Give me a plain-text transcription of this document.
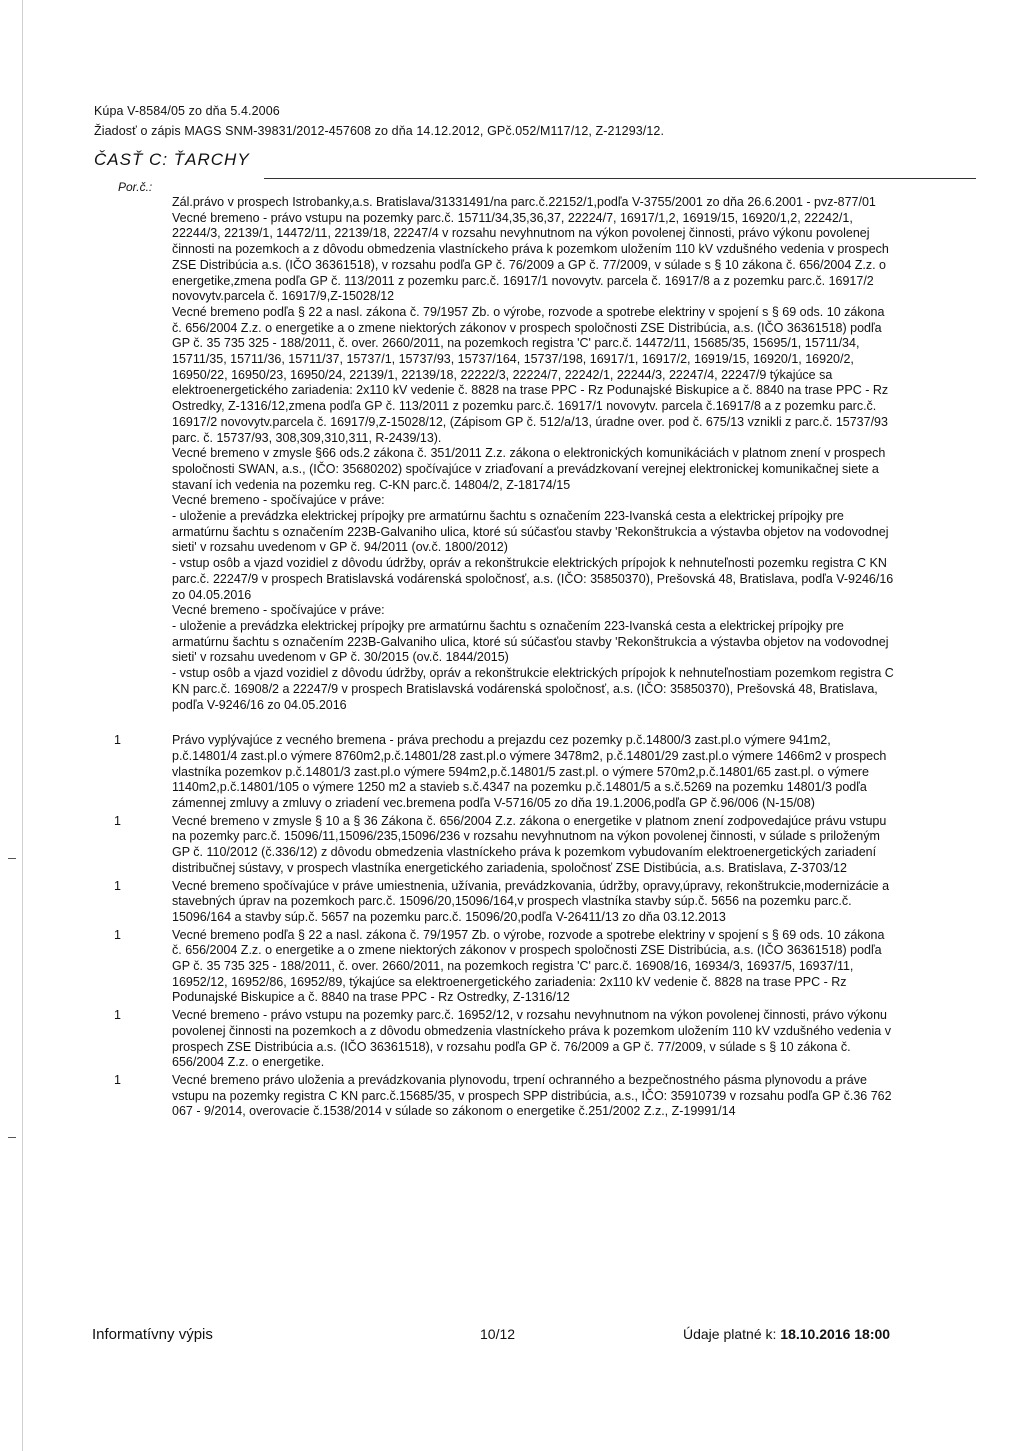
Kúpa V-8584/05 zo dňa 5.4.2006
Žiadosť o zápis MAGS SNM-39831/2012-457608 zo dňa 14.12.2012, GPč.052/M117/12, Z-21293/12.
ČASŤ C: ŤARCHY
Por.č.:

Zál.právo v prospech Istrobanky,a.s. Bratislava/31331491/na parc.č.22152/1,podľa V-3755/2001 zo dňa 26.6.2001 - pvz-877/01

Vecné bremeno - právo vstupu na pozemky parc.č. 15711/34,35,36,37, 22224/7, 16917/1,2, 16919/15, 16920/1,2, 22242/1, 22244/3, 22139/1, 14472/11, 22139/18, 22247/4 v rozsahu nevyhnutnom na výkon povolenej činnosti, právo výkonu povolenej činnosti na pozemkoch a z dôvodu obmedzenia vlastníckeho práva k pozemkom uložením 110 kV vzdušného vedenia v prospech ZSE Distribúcia a.s. (IČO 36361518), v rozsahu podľa GP č. 76/2009 a GP č. 77/2009, v súlade s § 10 zákona č. 656/2004 Z.z. o energetike,zmena podľa GP č. 113/2011 z pozemku parc.č. 16917/1 novovytv. parcela č. 16917/8 a z pozemku parc.č. 16917/2 novovytv.parcela č. 16917/9,Z-15028/12

Vecné bremeno podľa § 22 a nasl. zákona č. 79/1957 Zb. o výrobe, rozvode a spotrebe elektriny v spojení s § 69 ods. 10 zákona č. 656/2004 Z.z. o energetike a o zmene niektorých zákonov v prospech spoločnosti ZSE Distribúcia, a.s. (IČO 36361518) podľa GP č. 35 735 325 - 188/2011, č. over. 2660/2011, na pozemkoch registra 'C' parc.č. 14472/11, 15685/35, 15695/1, 15711/34, 15711/35, 15711/36, 15711/37, 15737/1, 15737/93, 15737/164, 15737/198, 16917/1, 16917/2, 16919/15, 16920/1, 16920/2, 16950/22, 16950/23, 16950/24, 22139/1, 22139/18, 22222/3, 22224/7, 22242/1, 22244/3, 22247/4, 22247/9 týkajúce sa elektroenergetického zariadenia: 2x110 kV vedenie č. 8828 na trase PPC - Rz Podunajské Biskupice a č. 8840 na trase PPC - Rz Ostredky, Z-1316/12,zmena podľa GP č. 113/2011 z pozemku parc.č. 16917/1 novovytv. parcela č.16917/8 a z pozemku parc.č. 16917/2 novovytv.parcela č. 16917/9,Z-15028/12, (Zápisom GP č. 512/a/13, úradne over. pod č. 675/13 vznikli z parc.č. 15737/93 parc. č. 15737/93, 308,309,310,311, R-2439/13).

Vecné bremeno v zmysle §66 ods.2 zákona č. 351/2011 Z.z. zákona o elektronických komunikáciách v platnom znení v prospech spoločnosti SWAN, a.s., (IČO: 35680202) spočívajúce v zriaďovaní a prevádzkovaní verejnej elektronickej komunikačnej siete a stavaní ich vedenia na pozemku reg. C-KN parc.č. 14804/2, Z-18174/15

Vecné bremeno - spočívajúce v práve:
- uloženie a prevádzka elektrickej prípojky pre armatúrnu šachtu s označením 223-Ivanská cesta a elektrickej prípojky pre armatúrnu šachtu s označením 223B-Galvaniho ulica, ktoré sú súčasťou stavby 'Rekonštrukcia a výstavba objetov na vodovodnej sieti' v rozsahu uvedenom v GP č. 94/2011 (ov.č. 1800/2012)
- vstup osôb a vjazd vozidiel z dôvodu údržby, opráv a rekonštrukcie elektrických prípojok k nehnuteľnosti pozemku registra C KN parc.č. 22247/9 v prospech Bratislavská vodárenská spoločnosť, a.s. (IČO: 35850370), Prešovská 48, Bratislava, podľa V-9246/16 zo 04.05.2016

Vecné bremeno - spočívajúce v práve:
- uloženie a prevádzka elektrickej prípojky pre armatúrnu šachtu s označením 223-Ivanská cesta a elektrickej prípojky pre armatúrnu šachtu s označením 223B-Galvaniho ulica, ktoré sú súčasťou stavby 'Rekonštrukcia a výstavba objetov na vodovodnej sieti' v rozsahu uvedenom v GP č. 30/2015 (ov.č. 1844/2015)
- vstup osôb a vjazd vozidiel z dôvodu údržby, opráv a rekonštrukcie elektrických prípojok k nehnuteľnostiam pozemkom registra C KN parc.č. 16908/2 a 22247/9 v prospech Bratislavská vodárenská spoločnosť, a.s. (IČO: 35850370), Prešovská 48, Bratislava, podľa V-9246/16 zo 04.05.2016

1	Právo vyplývajúce z vecného bremena - práva prechodu a prejazdu cez pozemky p.č.14800/3 zast.pl.o výmere 941m2, p.č.14801/4 zast.pl.o výmere 8760m2,p.č.14801/28 zast.pl.o výmere 3478m2, p.č.14801/29 zast.pl.o výmere 1466m2 v prospech vlastníka pozemkov p.č.14801/3 zast.pl.o výmere 594m2,p.č.14801/5 zast.pl. o výmere 570m2,p.č.14801/65 zast.pl. o výmere 1140m2,p.č.14801/105 o výmere 1250 m2 a stavieb s.č.4347 na pozemku p.č.14801/5 a s.č.5269 na pozemku 14801/3 podľa zámennej zmluvy a zmluvy o zriadení vec.bremena podľa V-5716/05 zo dňa 19.1.2006,podľa GP č.96/006 (N-15/08)

1	Vecné bremeno v zmysle § 10 a § 36 Zákona č. 656/2004 Z.z. zákona o energetike v platnom znení zodpovedajúce právu vstupu na pozemky parc.č. 15096/11,15096/235,15096/236 v rozsahu nevyhnutnom na výkon povolenej činnosti, v súlade s priloženým GP č. 110/2012 (č.336/12) z dôvodu obmedzenia vlastníckeho práva k pozemkom vybudovaním elektroenergetických zariadení distribučnej sústavy, v prospech vlastníka energetického zariadenia, spoločnosť ZSE Distibúcia, a.s. Bratislava, Z-3703/12

1	Vecné bremeno spočívajúce v práve umiestnenia, užívania, prevádzkovania, údržby, opravy,úpravy, rekonštrukcie,modernizácie a stavebných úprav na pozemkoch parc.č. 15096/20,15096/164,v prospech vlastníka stavby súp.č. 5656 na pozemku parc.č. 15096/164 a stavby súp.č. 5657 na pozemku parc.č. 15096/20,podľa V-26411/13 zo dňa 03.12.2013

1	Vecné bremeno podľa § 22 a nasl. zákona č. 79/1957 Zb. o výrobe, rozvode a spotrebe elektriny v spojení s § 69 ods. 10 zákona č. 656/2004 Z.z. o energetike a o zmene niektorých zákonov v prospech spoločnosti ZSE Distribúcia, a.s. (IČO 36361518) podľa GP č. 35 735 325 - 188/2011, č. over. 2660/2011, na pozemkoch registra 'C' parc.č. 16908/16, 16934/3, 16937/5, 16937/11, 16952/12, 16952/86, 16952/89, týkajúce sa elektroenergetického zariadenia: 2x110 kV vedenie č. 8828 na trase PPC - Rz Podunajské Biskupice a č. 8840 na trase PPC - Rz Ostredky, Z-1316/12

1	Vecné bremeno - právo vstupu na pozemky parc.č. 16952/12, v rozsahu nevyhnutnom na výkon povolenej činnosti, právo výkonu povolenej činnosti na pozemkoch a z dôvodu obmedzenia vlastníckeho práva k pozemkom uložením 110 kV vzdušného vedenia v prospech ZSE Distribúcia a.s. (IČO 36361518), v rozsahu podľa GP č. 76/2009 a GP č. 77/2009, v súlade s § 10 zákona č. 656/2004 Z.z. o energetike.

1	Vecné bremeno právo uloženia a prevádzkovania plynovodu, trpení ochranného a bezpečnostného pásma plynovodu a práve vstupu na pozemky registra C KN parc.č.15685/35, v prospech SPP distribúcia, a.s., IČO: 35910739 v rozsahu podľa GP č.36 762 067 - 9/2014, overovacie č.1538/2014 v súlade so zákonom o energetike č.251/2002 Z.z., Z-19991/14

Informatívny výpis	10/12	Údaje platné k: 18.10.2016 18:00
